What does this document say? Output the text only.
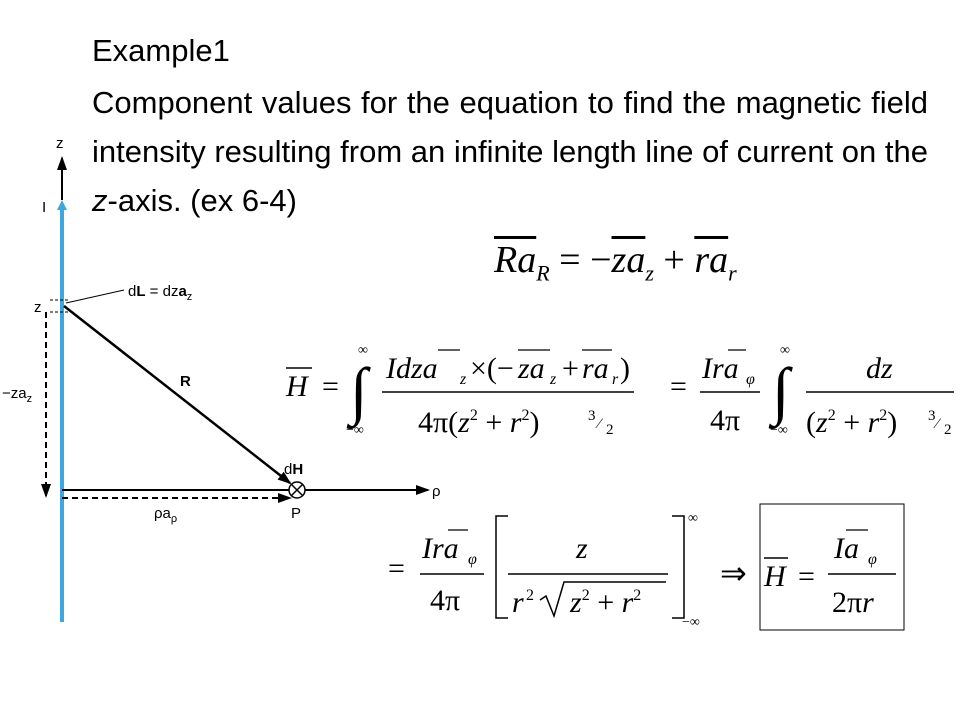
Example1

Component values for the equation to find the magnetic field intensity resulting from an infinite length line of current on the z-axis. (ex 6-4)

z
I
z
dL = dza$_z$
$-za_z$
R
ρ
$\rho a_\rho$
dH
P
$\overline{Ra}_R = -\overline{za}_z + \overline{ra}_r$
H = ∫
∞
−∞
Idza z ×(− za z + ra r )
$4\pi(z^2 + r^2)$	3 ⁄ 2
=
Ira φ
4π ∫
∞
−∞
dz
$(z^2 + r^2)$ 3 ⁄ 2
=
Ira φ
4π
z
r 2 $z^2 + r^2$
∞
−∞
⇒ H =
Ia φ
2πr
